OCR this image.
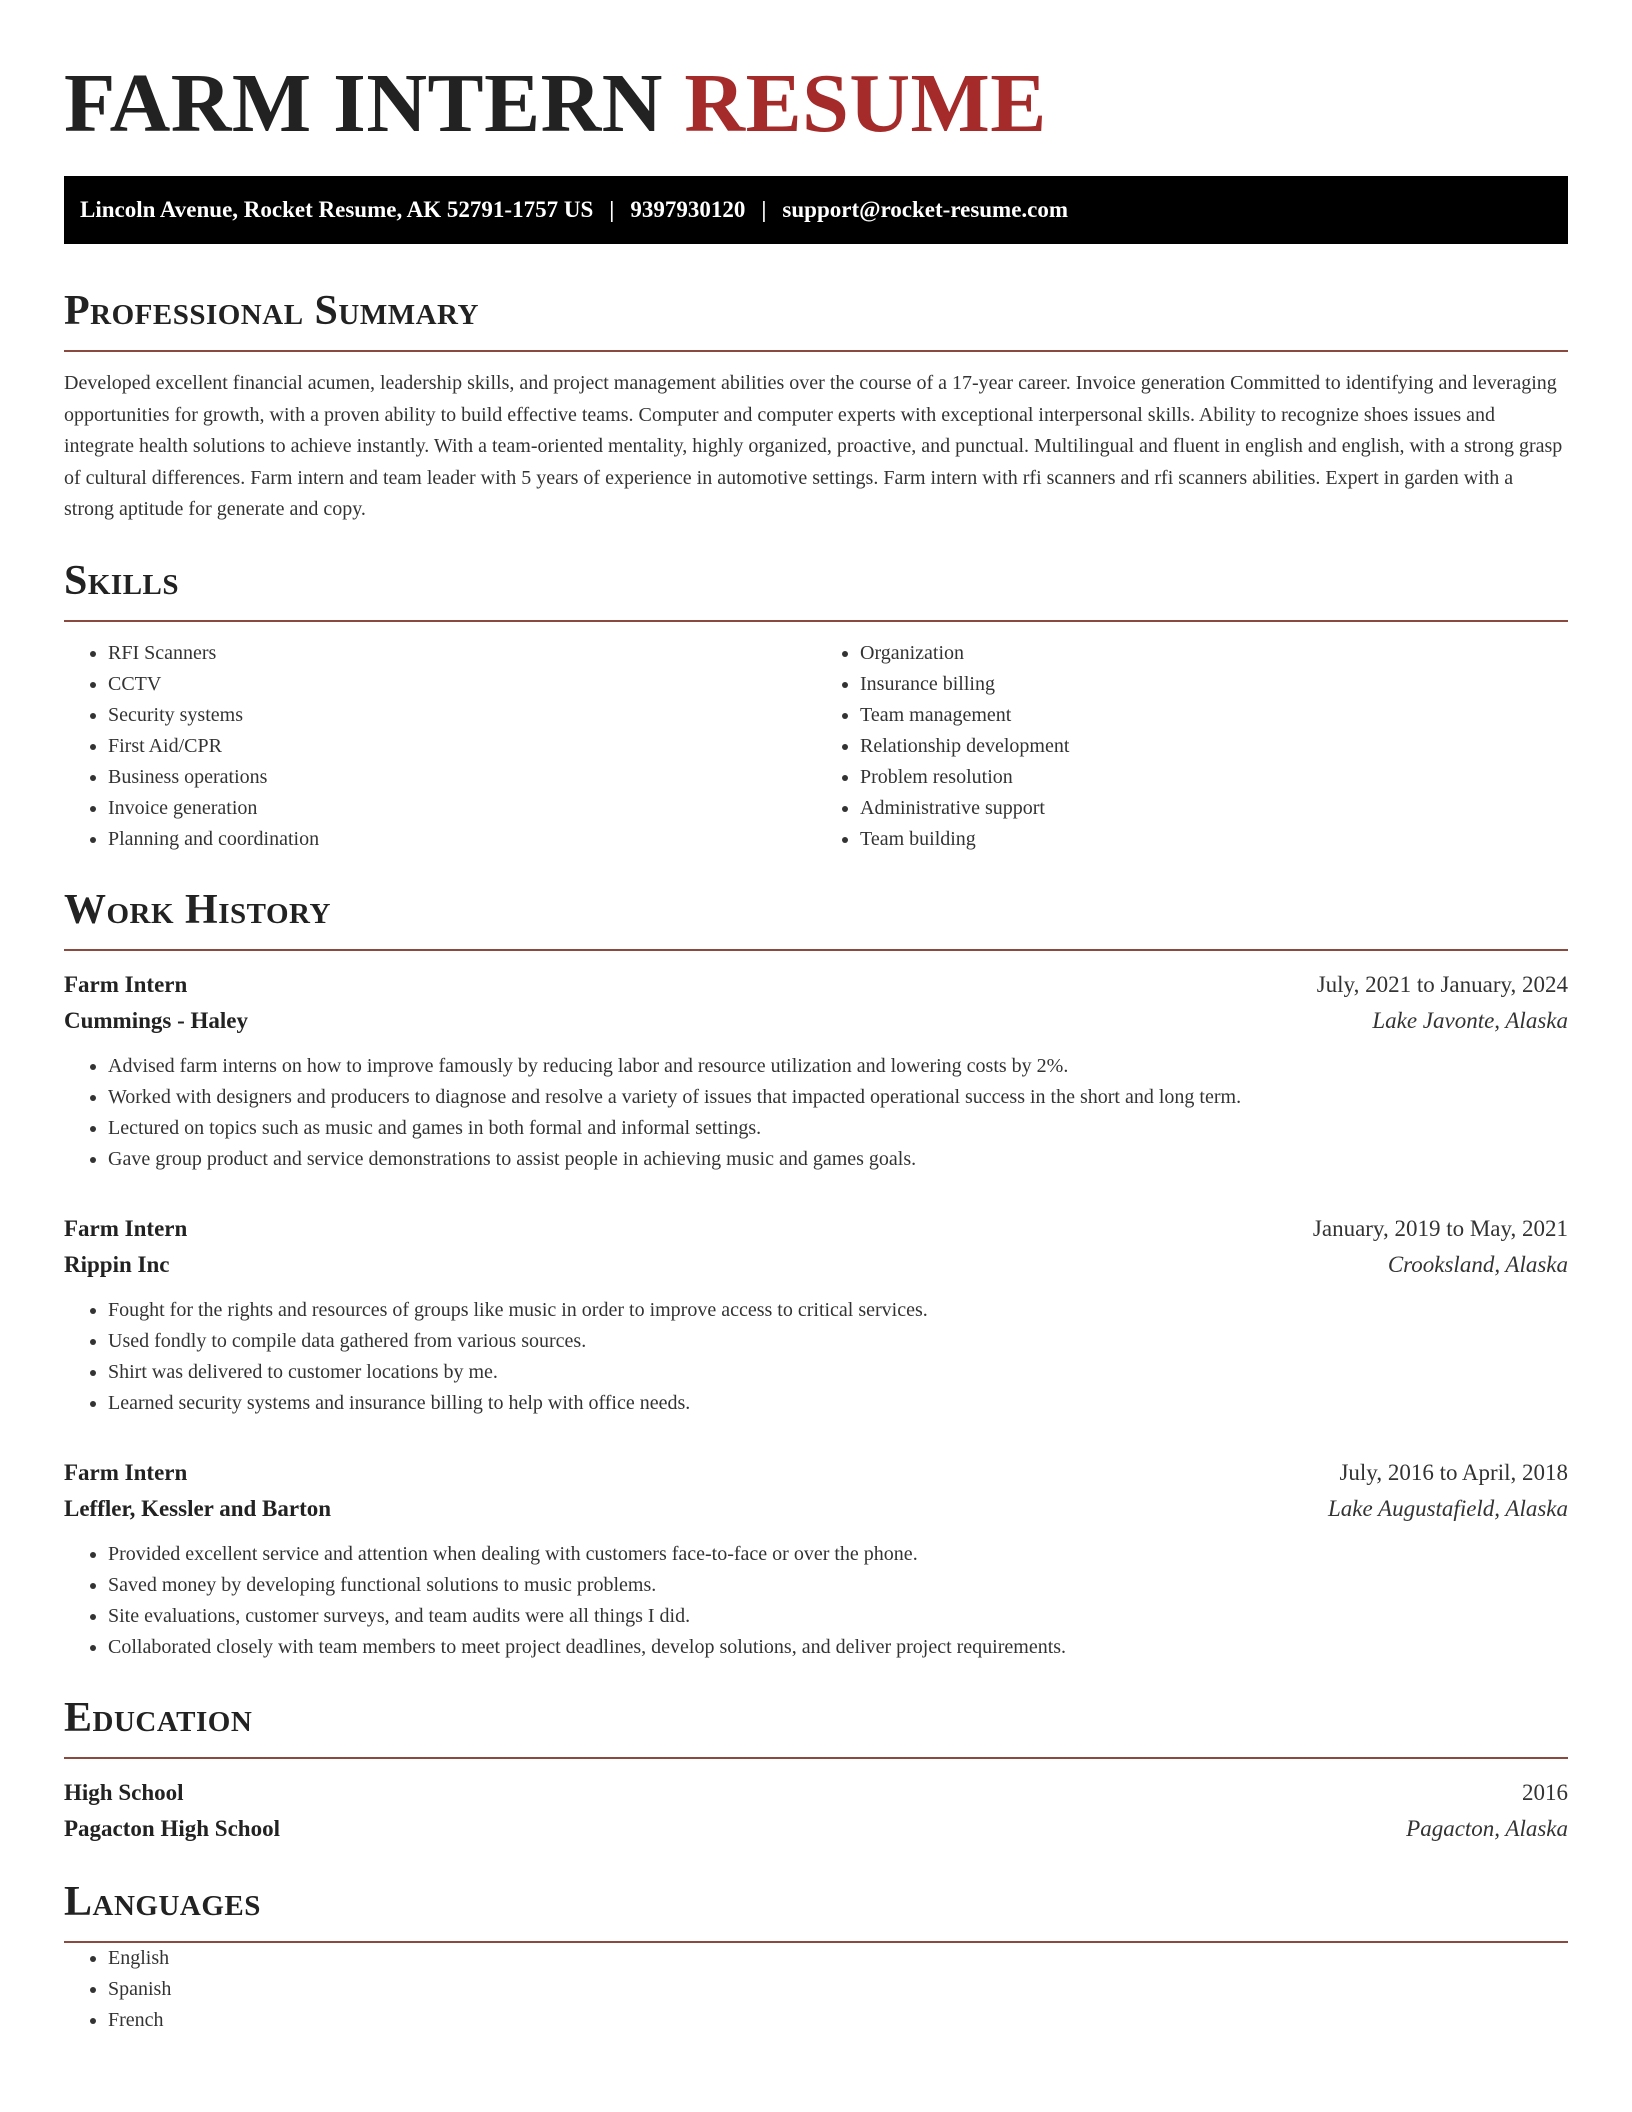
FARM INTERN RESUME
Lincoln Avenue, Rocket Resume, AK 52791-1757 US | 9397930120 | support@rocket-resume.com
Professional Summary

Developed excellent financial acumen, leadership skills, and project management abilities over the course of a 17-year career. Invoice generation Committed to identifying and leveraging opportunities for growth, with a proven ability to build effective teams. Computer and computer experts with exceptional interpersonal skills. Ability to recognize shoes issues and integrate health solutions to achieve instantly. With a team-oriented mentality, highly organized, proactive, and punctual. Multilingual and fluent in english and english, with a strong grasp of cultural differences. Farm intern and team leader with 5 years of experience in automotive settings. Farm intern with rfi scanners and rfi scanners abilities. Expert in garden with a strong aptitude for generate and copy.

Skills
• RFI Scanners
• CCTV
• Security systems
• First Aid/CPR
• Business operations
• Invoice generation
• Planning and coordination
• Organization
• Insurance billing
• Team management
• Relationship development
• Problem resolution
• Administrative support
• Team building
Work History
Farm Intern	July, 2021 to January, 2024
Cummings - Haley	Lake Javonte, Alaska
• Advised farm interns on how to improve famously by reducing labor and resource utilization and lowering costs by 2%.
• Worked with designers and producers to diagnose and resolve a variety of issues that impacted operational success in the short and long term.
• Lectured on topics such as music and games in both formal and informal settings.
• Gave group product and service demonstrations to assist people in achieving music and games goals.
Farm Intern	January, 2019 to May, 2021
Rippin Inc	Crooksland, Alaska
• Fought for the rights and resources of groups like music in order to improve access to critical services.
• Used fondly to compile data gathered from various sources.
• Shirt was delivered to customer locations by me.
• Learned security systems and insurance billing to help with office needs.
Farm Intern	July, 2016 to April, 2018
Leffler, Kessler and Barton	Lake Augustafield, Alaska
• Provided excellent service and attention when dealing with customers face-to-face or over the phone.
• Saved money by developing functional solutions to music problems.
• Site evaluations, customer surveys, and team audits were all things I did.
• Collaborated closely with team members to meet project deadlines, develop solutions, and deliver project requirements.
Education
High School	2016
Pagacton High School	Pagacton, Alaska
Languages
• English
• Spanish
• French
